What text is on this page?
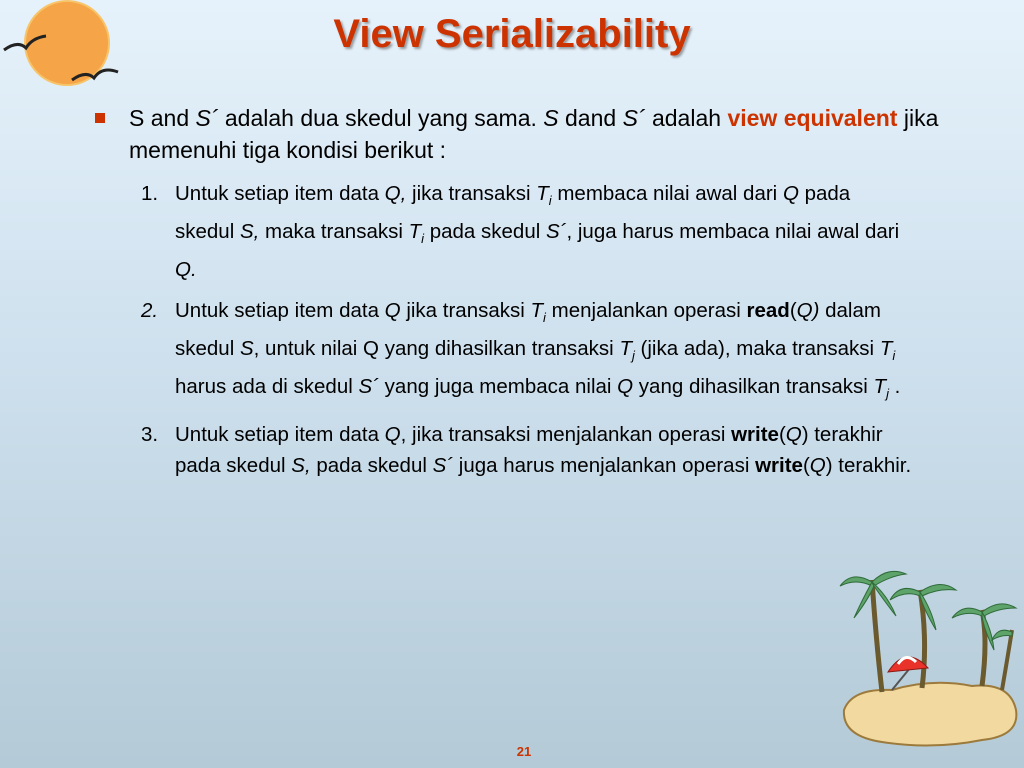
View Serializability
S and S´ adalah dua skedul yang sama. S dand S´ adalah view equivalent jika memenuhi tiga kondisi berikut :
1. Untuk setiap item data Q, jika transaksi $T_i$ membaca nilai awal dari Q pada skedul S, maka transaksi $T_i$ pada skedul S´, juga harus membaca nilai awal dari Q.
2. Untuk setiap item data Q jika transaksi $T_i$ menjalankan operasi read(Q) dalam skedul S, untuk nilai Q yang dihasilkan transaksi $T_j$ (jika ada), maka transaksi $T_i$ harus ada di skedul S´ yang juga membaca nilai Q yang dihasilkan transaksi $T_j$ .
3. Untuk setiap item data Q, jika transaksi menjalankan operasi write(Q) terakhir pada skedul S, pada skedul S´ juga harus menjalankan operasi write(Q) terakhir.
21
